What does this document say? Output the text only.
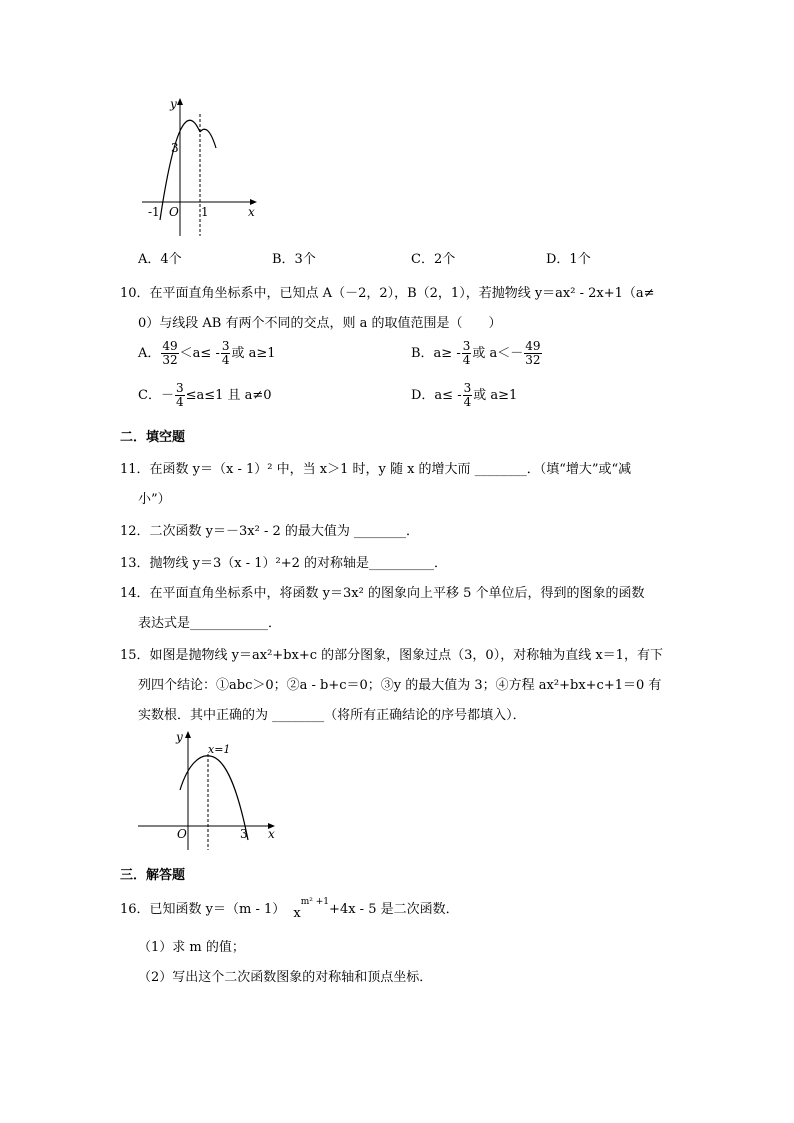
y
x
O
-1	1
3
A．4个	B．3个	C．2个	D．1个
10．在平面直角坐标系中，已知点 A（－2，2），B（2，1），若抛物线 y＝ax² - 2x+1（a≠
0）与线段 AB 有两个不同的交点，则 a 的取值范围是（　　）
A． $\frac{49}{32} <a\le - \frac{3}{4}$ 或 a≥1	B．$a\ge - \frac{3}{4}$ 或 $a<- \frac{49}{32}$
C．－ $\frac{3}{4} \le a\le 1$ 且 a≠0	D．$a\le - \frac{3}{4}$ 或 a≥1
二．填空题
11．在函数 y＝（x - 1）² 中，当 x＞1 时，y 随 x 的增大而 ________．（填“增大”或“减
小”）
12．二次函数 y＝－3x² - 2 的最大值为 ________．
13．抛物线 y＝3（x - 1）²+2 的对称轴是__________．
14．在平面直角坐标系中，将函数 y＝3x² 的图象向上平移 5 个单位后，得到的图象的函数
表达式是____________．
15．如图是抛物线 y＝ax²+bx+c 的部分图象，图象过点（3，0），对称轴为直线 x＝1，有下
列四个结论：①abc＞0；②a - b+c＝0；③y 的最大值为 3；④方程 ax²+bx+c+1＝0 有
实数根．其中正确的为 ________（将所有正确结论的序号都填入）．
y
x
O
x=1
3
三．解答题
16．已知函数 y＝（m - 1） $x^{m^2 +1}+4x - 5$ 是二次函数．
（1）求 m 的值；
（2）写出这个二次函数图象的对称轴和顶点坐标．
